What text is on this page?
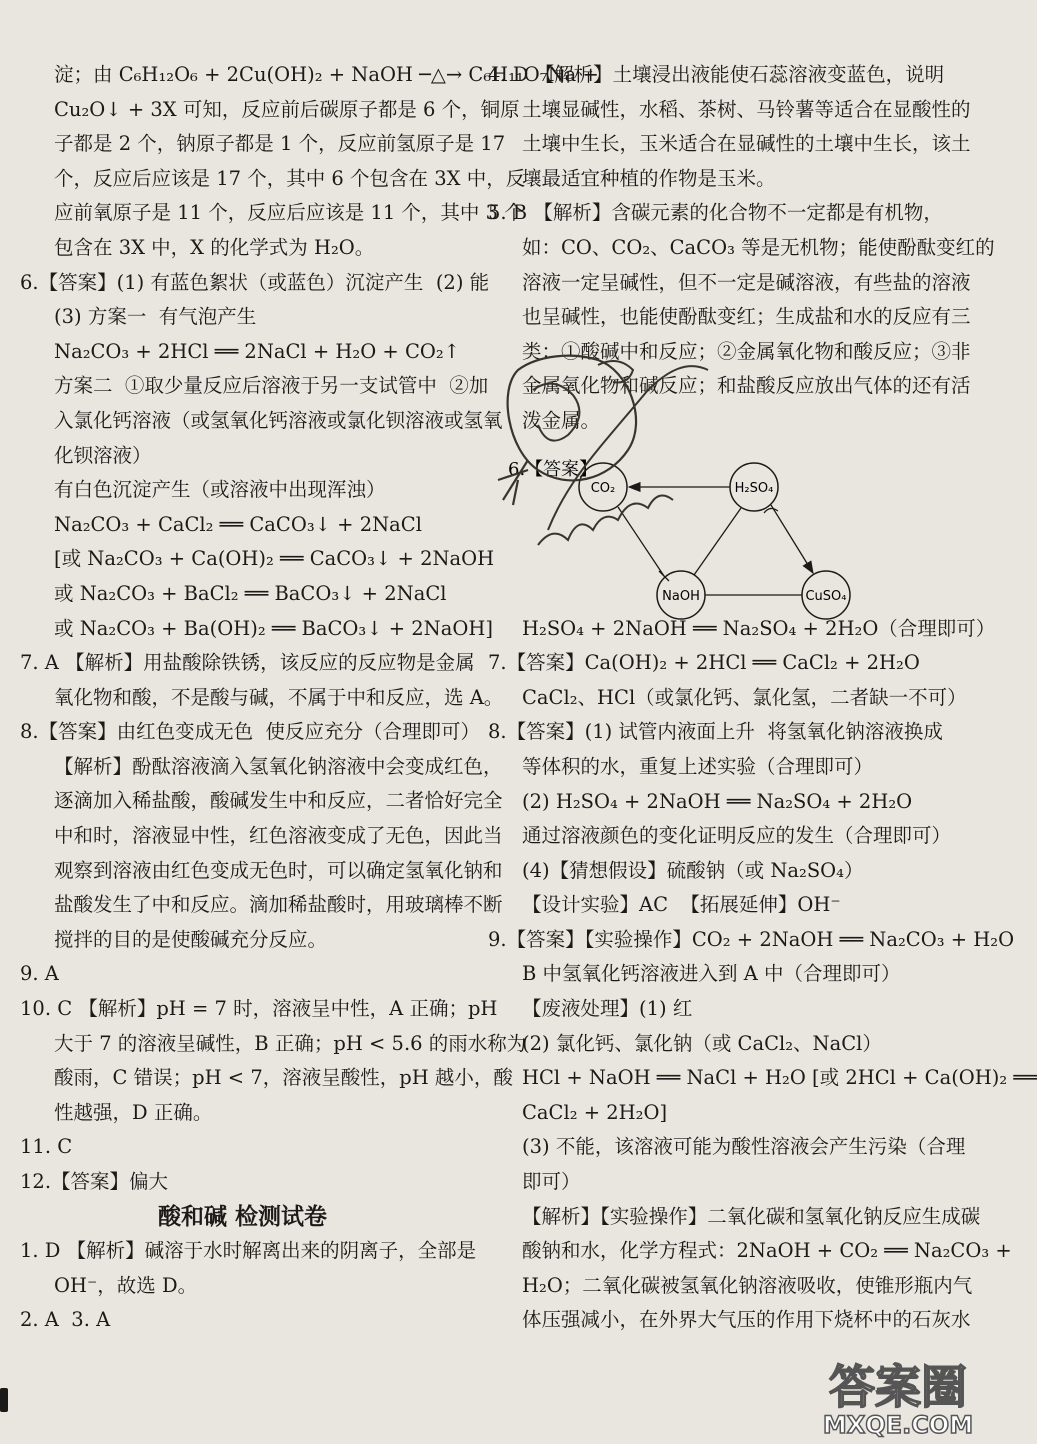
淀；由 C₆H₁₂O₆ + 2Cu(OH)₂ + NaOH ─△→ C₆H₁₁O₇Na +
Cu₂O↓ + 3X 可知，反应前后碳原子都是 6 个，铜原
子都是 2 个，钠原子都是 1 个，反应前氢原子是 17
个，反应后应该是 17 个，其中 6 个包含在 3X 中，反
应前氧原子是 11 个，反应后应该是 11 个，其中 3 个
包含在 3X 中，X 的化学式为 H₂O。
6.【答案】(1) 有蓝色絮状（或蓝色）沉淀产生  (2) 能
(3) 方案一  有气泡产生
Na₂CO₃ + 2HCl ══ 2NaCl + H₂O + CO₂↑
方案二  ①取少量反应后溶液于另一支试管中  ②加
入氯化钙溶液（或氢氧化钙溶液或氯化钡溶液或氢氧
化钡溶液）
有白色沉淀产生（或溶液中出现浑浊）
Na₂CO₃ + CaCl₂ ══ CaCO₃↓ + 2NaCl
[或 Na₂CO₃ + Ca(OH)₂ ══ CaCO₃↓ + 2NaOH
或 Na₂CO₃ + BaCl₂ ══ BaCO₃↓ + 2NaCl
或 Na₂CO₃ + Ba(OH)₂ ══ BaCO₃↓ + 2NaOH]
7. A 【解析】用盐酸除铁锈，该反应的反应物是金属
氧化物和酸，不是酸与碱，不属于中和反应，选 A。
8.【答案】由红色变成无色  使反应充分（合理即可）
【解析】酚酞溶液滴入氢氧化钠溶液中会变成红色，
逐滴加入稀盐酸，酸碱发生中和反应，二者恰好完全
中和时，溶液显中性，红色溶液变成了无色，因此当
观察到溶液由红色变成无色时，可以确定氢氧化钠和
盐酸发生了中和反应。滴加稀盐酸时，用玻璃棒不断
搅拌的目的是使酸碱充分反应。
9. A
10. C 【解析】pH = 7 时，溶液呈中性，A 正确；pH
大于 7 的溶液呈碱性，B 正确；pH < 5.6 的雨水称为
酸雨，C 错误；pH < 7，溶液呈酸性，pH 越小，酸
性越强，D 正确。
11. C
12.【答案】偏大
酸和碱 检测试卷
1. D 【解析】碱溶于水时解离出来的阴离子，全部是
OH⁻，故选 D。
2. A  3. A
4. D 【解析】土壤浸出液能使石蕊溶液变蓝色，说明
土壤显碱性，水稻、茶树、马铃薯等适合在显酸性的
土壤中生长，玉米适合在显碱性的土壤中生长，该土
壤最适宜种植的作物是玉米。
5. B 【解析】含碳元素的化合物不一定都是有机物，
如：CO、CO₂、CaCO₃ 等是无机物；能使酚酞变红的
溶液一定呈碱性，但不一定是碱溶液，有些盐的溶液
也呈碱性，也能使酚酞变红；生成盐和水的反应有三
类：①酸碱中和反应；②金属氧化物和酸反应；③非
金属氧化物和碱反应；和盐酸反应放出气体的还有活
泼金属。
6.【答案】
CO₂	H₂SO₄
NaOH	CuSO₄
H₂SO₄ + 2NaOH ══ Na₂SO₄ + 2H₂O（合理即可）
7.【答案】Ca(OH)₂ + 2HCl ══ CaCl₂ + 2H₂O
CaCl₂、HCl（或氯化钙、氯化氢，二者缺一不可）
8.【答案】(1) 试管内液面上升  将氢氧化钠溶液换成
等体积的水，重复上述实验（合理即可）
(2) H₂SO₄ + 2NaOH ══ Na₂SO₄ + 2H₂O
通过溶液颜色的变化证明反应的发生（合理即可）
(4)【猜想假设】硫酸钠（或 Na₂SO₄）
【设计实验】AC  【拓展延伸】OH⁻
9.【答案】【实验操作】CO₂ + 2NaOH ══ Na₂CO₃ + H₂O
B 中氢氧化钙溶液进入到 A 中（合理即可）
【废液处理】(1) 红
(2) 氯化钙、氯化钠（或 CaCl₂、NaCl）
HCl + NaOH ══ NaCl + H₂O [或 2HCl + Ca(OH)₂ ══
CaCl₂ + 2H₂O]
(3) 不能，该溶液可能为酸性溶液会产生污染（合理
即可）
【解析】【实验操作】二氧化碳和氢氧化钠反应生成碳
酸钠和水，化学方程式：2NaOH + CO₂ ══ Na₂CO₃ +
H₂O；二氧化碳被氢氧化钠溶液吸收，使锥形瓶内气
体压强减小，在外界大气压的作用下烧杯中的石灰水
答案圈
MXQE.COM
